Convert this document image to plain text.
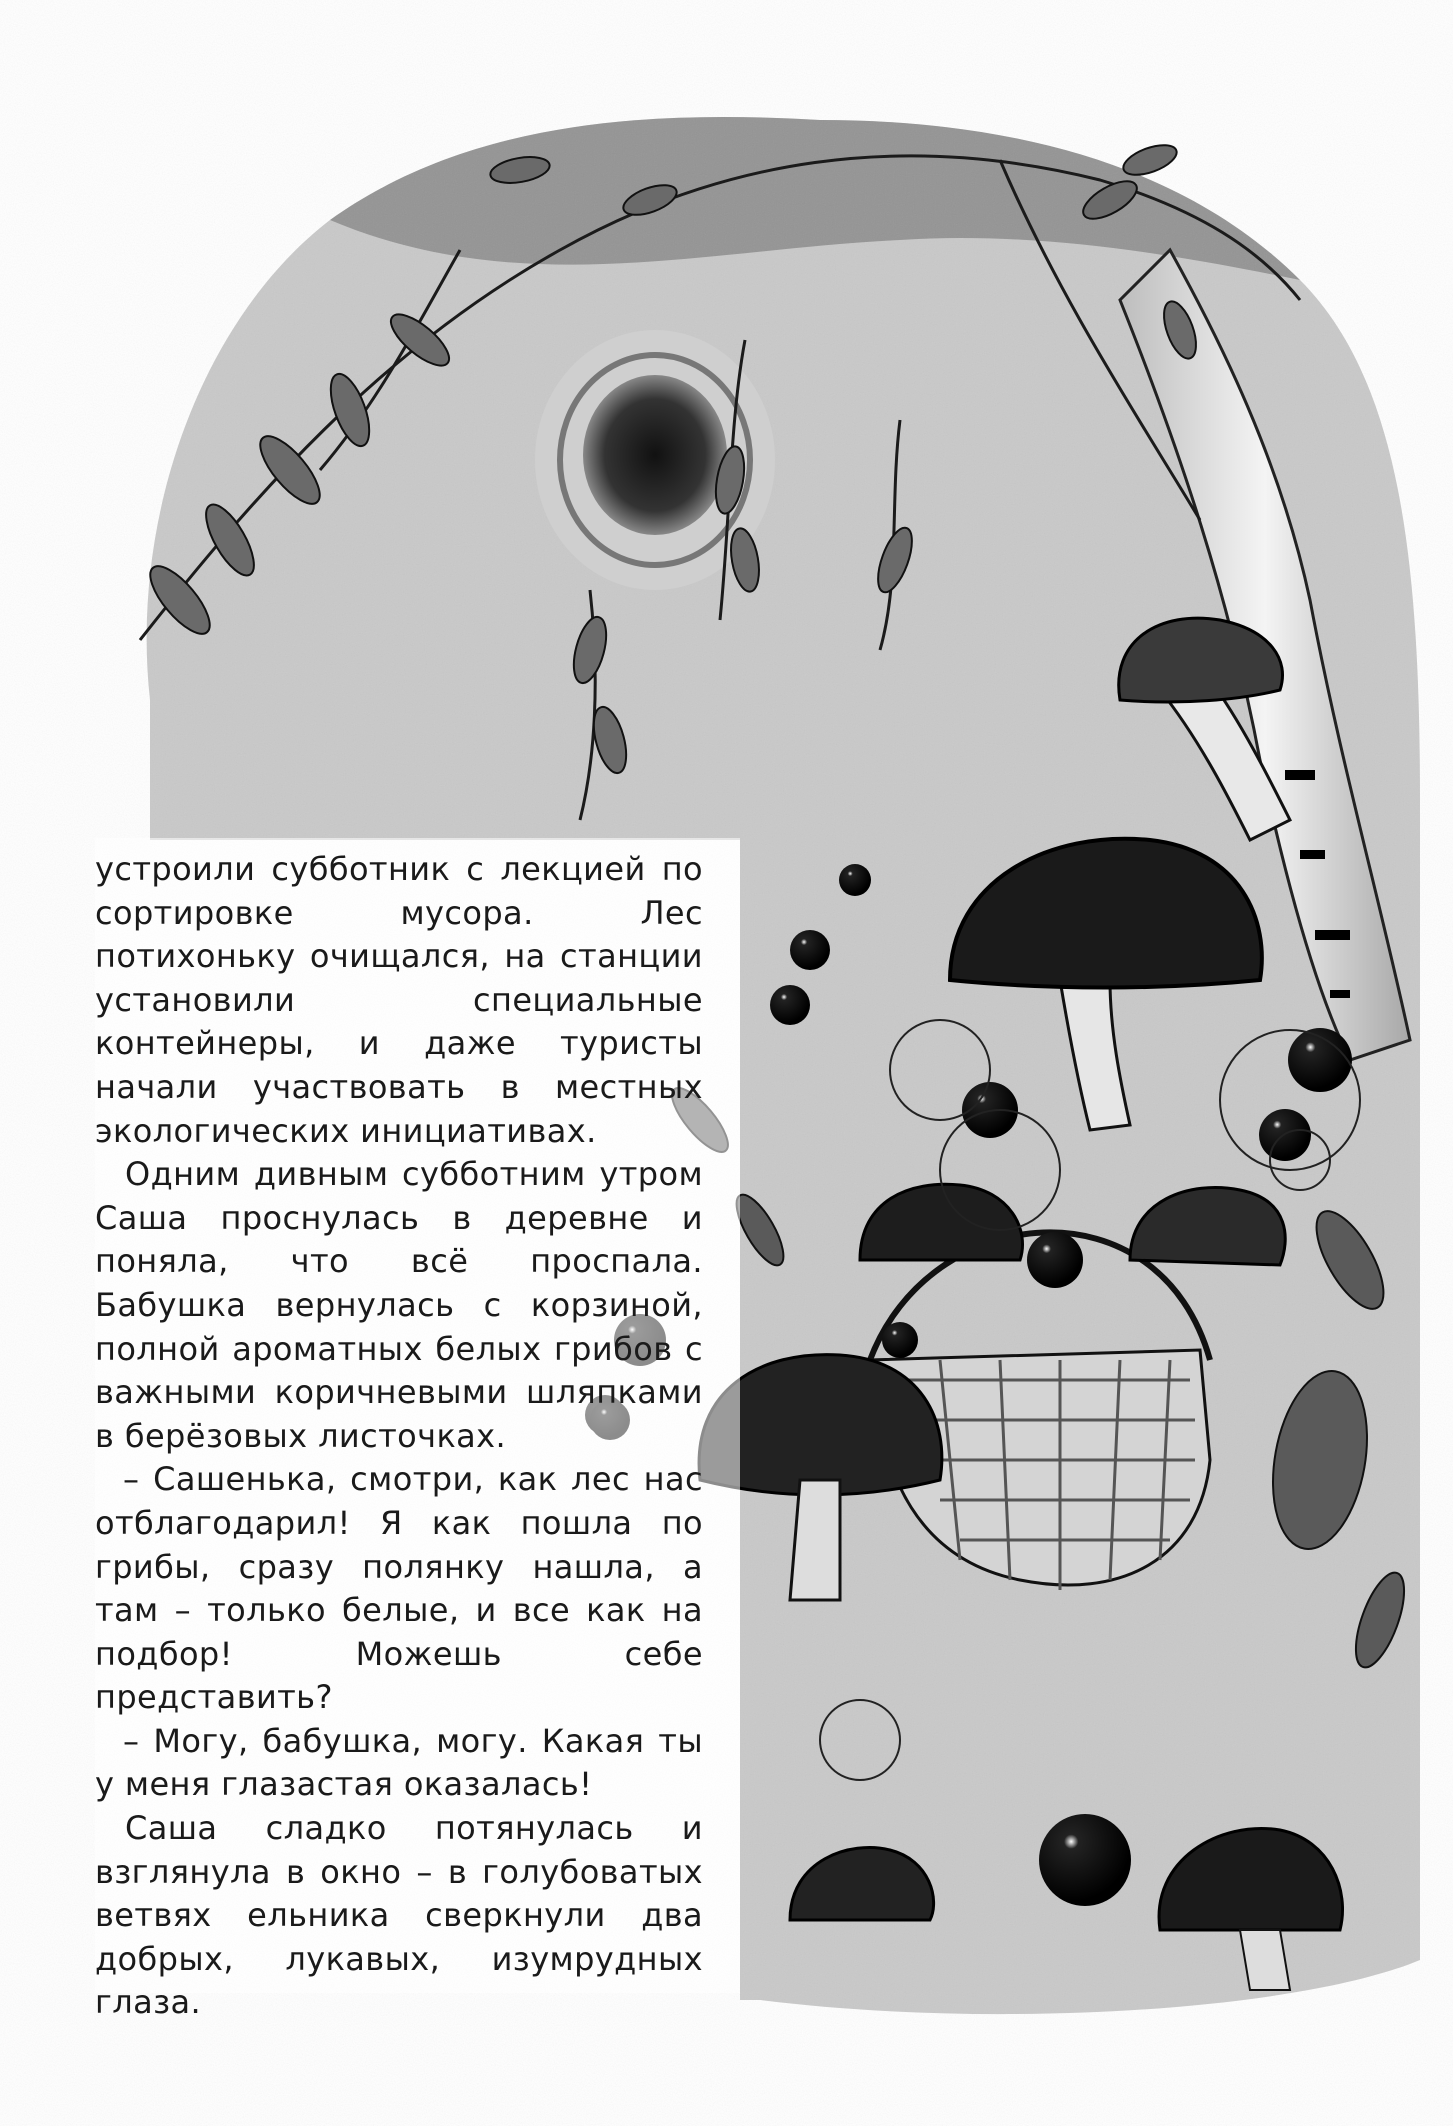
устроили субботник с лекцией по сортировке мусора. Лес потихоньку очищался, на станции установили специальные контейнеры, и даже туристы начали участвовать в местных экологических инициативах.

Одним дивным субботним утром Саша проснулась в деревне и поняла, что всё проспала. Бабушка вернулась с корзиной, полной ароматных белых грибов с важными коричневыми шляпками в берёзовых листочках.

– Сашенька, смотри, как лес нас отблагодарил! Я как пошла по грибы, сразу полянку нашла, а там – только белые, и все как на подбор! Можешь себе представить?

– Могу, бабушка, могу. Какая ты у меня глазастая оказалась!

Саша сладко потянулась и взглянула в окно – в голубоватых ветвях ельника сверкнули два добрых, лукавых, изумрудных глаза.
